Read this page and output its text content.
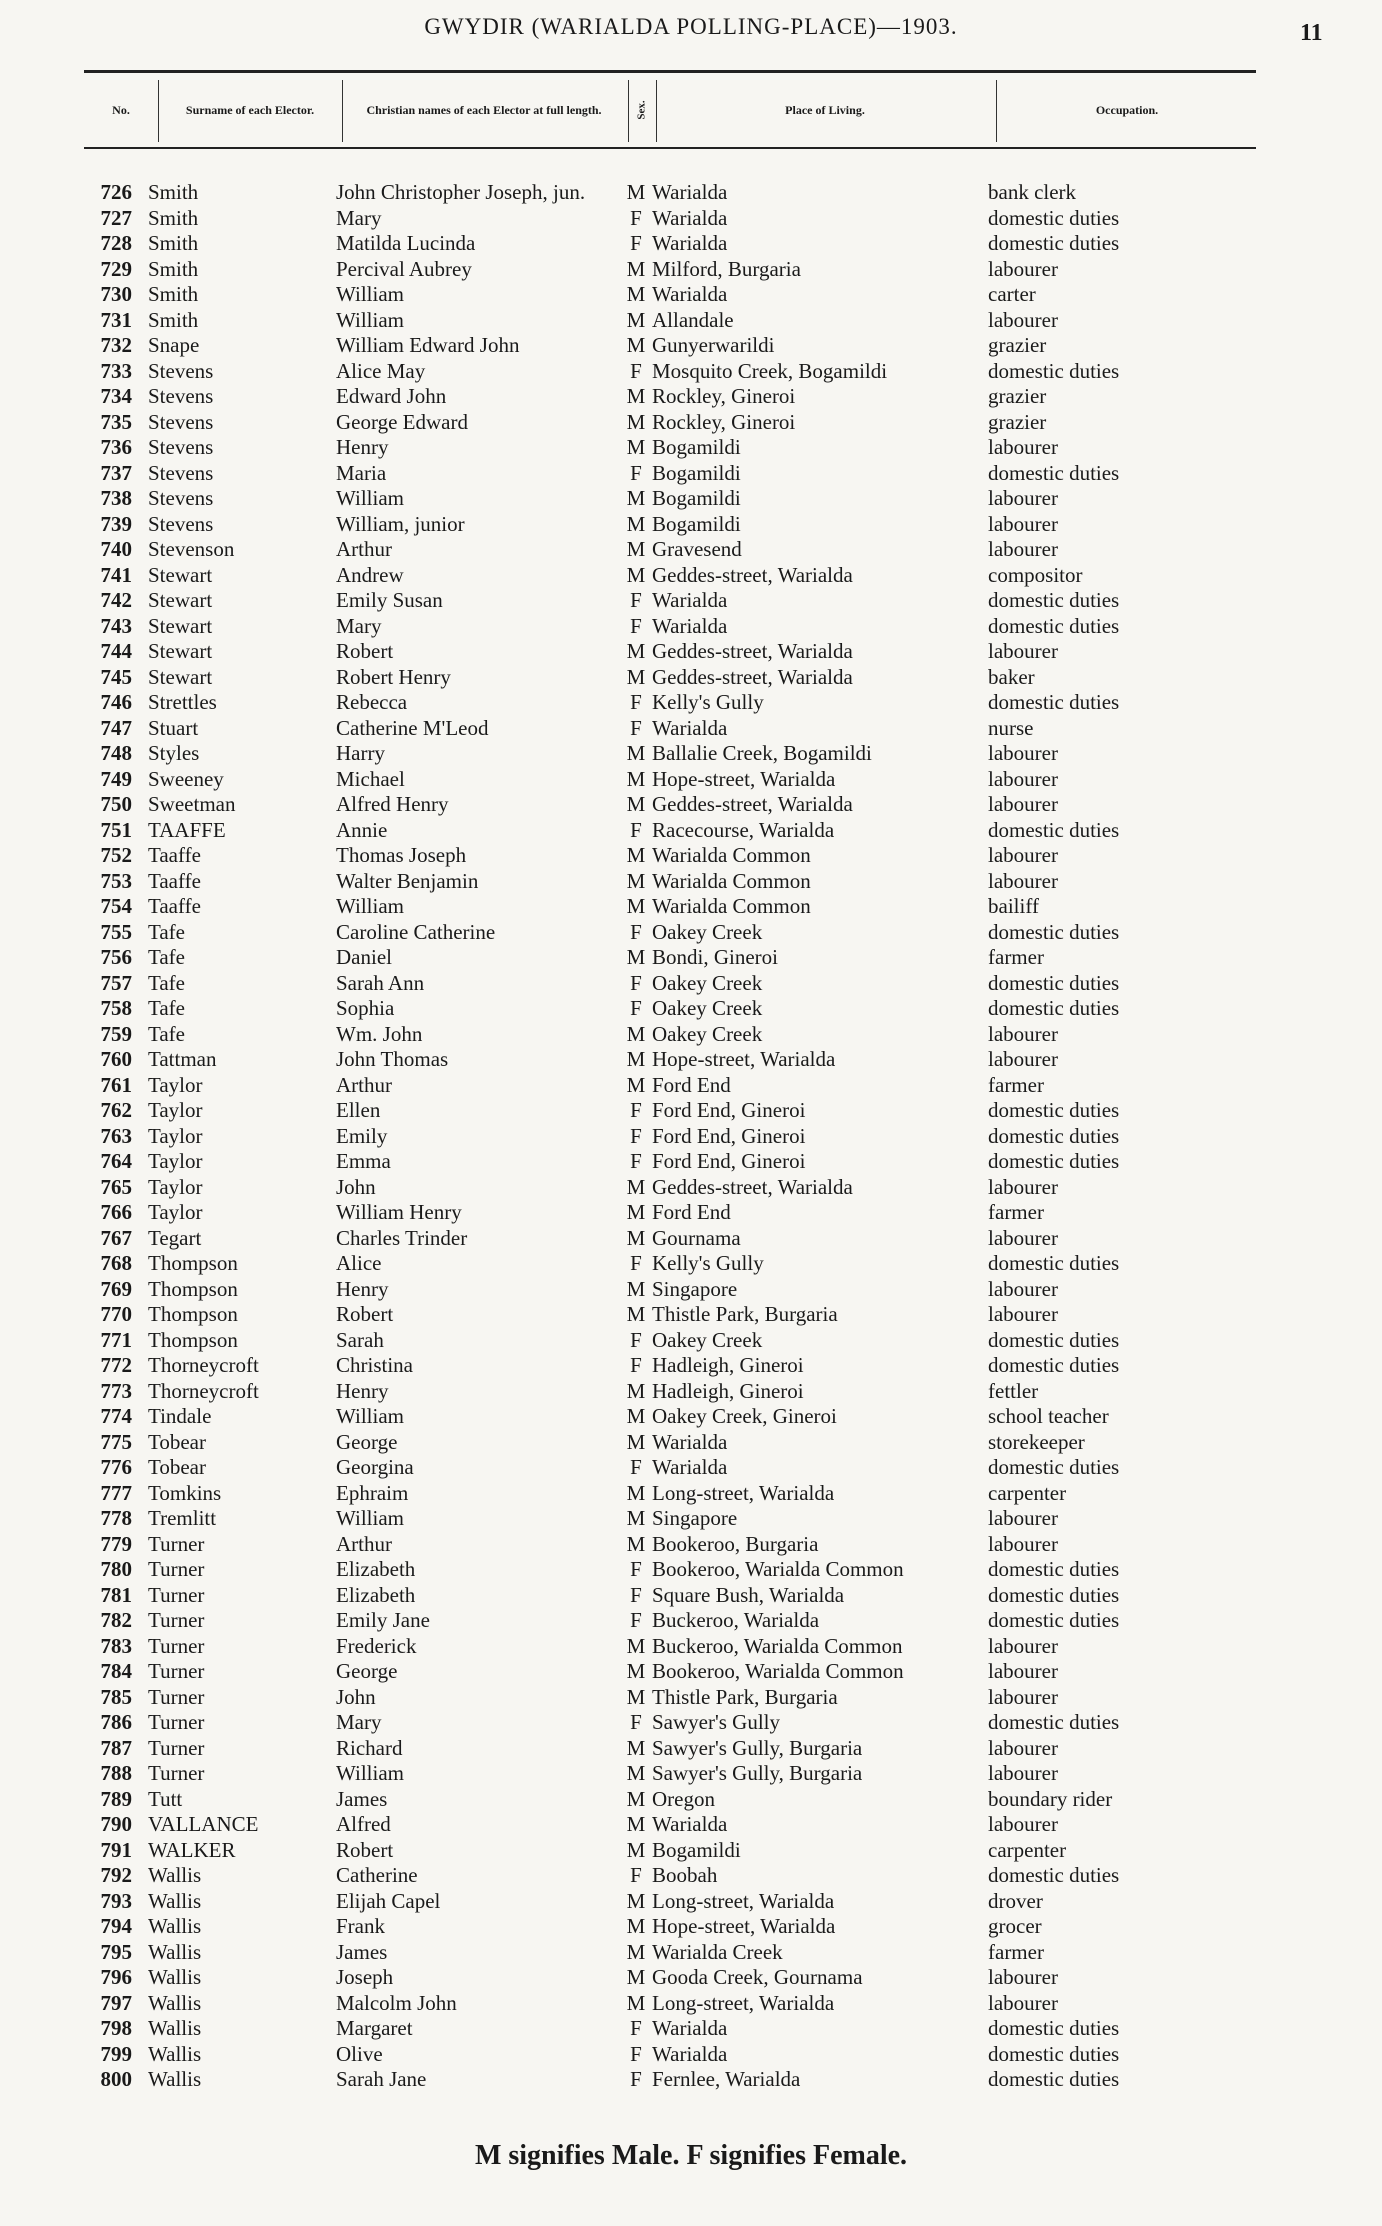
GWYDIR (WARIALDA POLLING-PLACE)—1903.	11
No.	Surname of each Elector.	Christian names of each Elector at full length.	Sex.	Place of Living.	Occupation.
726 Smith	John Christopher Joseph, jun. M Warialda	bank clerk
727 Smith	Mary	F Warialda	domestic duties
728 Smith	Matilda Lucinda	F Warialda	domestic duties
729 Smith	Percival Aubrey	M Milford, Burgaria	labourer
730 Smith	William	M Warialda	carter
731 Smith	William	M Allandale	labourer
732 Snape	William Edward John	M Gunyerwarildi	grazier
733 Stevens	Alice May	F Mosquito Creek, Bogamildi	domestic duties
734 Stevens	Edward John	M Rockley, Gineroi	grazier
735 Stevens	George Edward	M Rockley, Gineroi	grazier
736 Stevens	Henry	M Bogamildi	labourer
737 Stevens	Maria	F Bogamildi	domestic duties
738 Stevens	William	M Bogamildi	labourer
739 Stevens	William, junior	M Bogamildi	labourer
740 Stevenson	Arthur	M Gravesend	labourer
741 Stewart	Andrew	M Geddes-street, Warialda	compositor
742 Stewart	Emily Susan	F Warialda	domestic duties
743 Stewart	Mary	F Warialda	domestic duties
744 Stewart	Robert	M Geddes-street, Warialda	labourer
745 Stewart	Robert Henry	M Geddes-street, Warialda	baker
746 Strettles	Rebecca	F Kelly's Gully	domestic duties
747 Stuart	Catherine M'Leod	F Warialda	nurse
748 Styles	Harry	M Ballalie Creek, Bogamildi	labourer
749 Sweeney	Michael	M Hope-street, Warialda	labourer
750 Sweetman	Alfred Henry	M Geddes-street, Warialda	labourer
751 TAAFFE	Annie	F Racecourse, Warialda	domestic duties
752 Taaffe	Thomas Joseph	M Warialda Common	labourer
753 Taaffe	Walter Benjamin	M Warialda Common	labourer
754 Taaffe	William	M Warialda Common	bailiff
755 Tafe	Caroline Catherine	F Oakey Creek	domestic duties
756 Tafe	Daniel	M Bondi, Gineroi	farmer
757 Tafe	Sarah Ann	F Oakey Creek	domestic duties
758 Tafe	Sophia	F Oakey Creek	domestic duties
759 Tafe	Wm. John	M Oakey Creek	labourer
760 Tattman	John Thomas	M Hope-street, Warialda	labourer
761 Taylor	Arthur	M Ford End	farmer
762 Taylor	Ellen	F Ford End, Gineroi	domestic duties
763 Taylor	Emily	F Ford End, Gineroi	domestic duties
764 Taylor	Emma	F Ford End, Gineroi	domestic duties
765 Taylor	John	M Geddes-street, Warialda	labourer
766 Taylor	William Henry	M Ford End	farmer
767 Tegart	Charles Trinder	M Gournama	labourer
768 Thompson	Alice	F Kelly's Gully	domestic duties
769 Thompson	Henry	M Singapore	labourer
770 Thompson	Robert	M Thistle Park, Burgaria	labourer
771 Thompson	Sarah	F Oakey Creek	domestic duties
772 Thorneycroft	Christina	F Hadleigh, Gineroi	domestic duties
773 Thorneycroft	Henry	M Hadleigh, Gineroi	fettler
774 Tindale	William	M Oakey Creek, Gineroi	school teacher
775 Tobear	George	M Warialda	storekeeper
776 Tobear	Georgina	F Warialda	domestic duties
777 Tomkins	Ephraim	M Long-street, Warialda	carpenter
778 Tremlitt	William	M Singapore	labourer
779 Turner	Arthur	M Bookeroo, Burgaria	labourer
780 Turner	Elizabeth	F Bookeroo, Warialda Common	domestic duties
781 Turner	Elizabeth	F Square Bush, Warialda	domestic duties
782 Turner	Emily Jane	F Buckeroo, Warialda	domestic duties
783 Turner	Frederick	M Buckeroo, Warialda Common	labourer
784 Turner	George	M Bookeroo, Warialda Common	labourer
785 Turner	John	M Thistle Park, Burgaria	labourer
786 Turner	Mary	F Sawyer's Gully	domestic duties
787 Turner	Richard	M Sawyer's Gully, Burgaria	labourer
788 Turner	William	M Sawyer's Gully, Burgaria	labourer
789 Tutt	James	M Oregon	boundary rider
790 VALLANCE	Alfred	M Warialda	labourer
791 WALKER	Robert	M Bogamildi	carpenter
792 Wallis	Catherine	F Boobah	domestic duties
793 Wallis	Elijah Capel	M Long-street, Warialda	drover
794 Wallis	Frank	M Hope-street, Warialda	grocer
795 Wallis	James	M Warialda Creek	farmer
796 Wallis	Joseph	M Gooda Creek, Gournama	labourer
797 Wallis	Malcolm John	M Long-street, Warialda	labourer
798 Wallis	Margaret	F Warialda	domestic duties
799 Wallis	Olive	F Warialda	domestic duties
800 Wallis	Sarah Jane	F Fernlee, Warialda	domestic duties
M signifies Male. F signifies Female.
